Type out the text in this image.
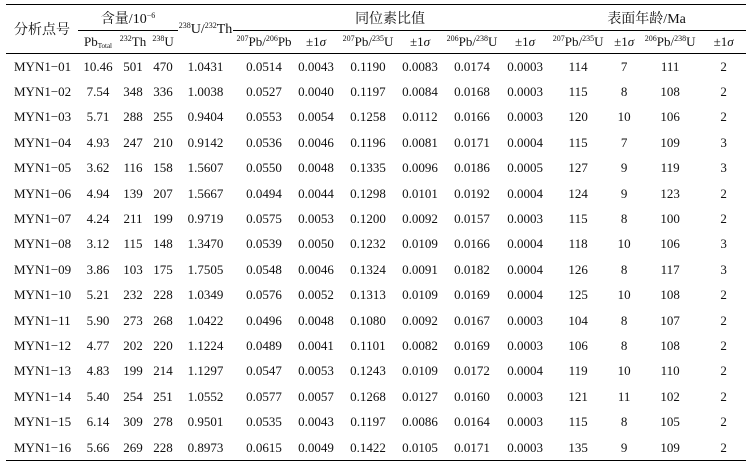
分析点号	含量$/10^{-6}$			$^{238}$U/$^{232}$Th	同位素比值						表面年龄/Ma			
	$Pb_{Total}$	$^{232}$Th	$^{238}$U		$^{207}$Pb/$^{206}$Pb	±1σ	$^{207}$Pb/$^{235}$U	±1σ	$^{206}$Pb/$^{238}$U	±1σ	$^{207}$Pb/$^{235}$U	±1σ	$^{206}$Pb/$^{238}$U	±1σ
MYN1−01	10.46	501	470	1.0431	0.0514	0.0043	0.1190	0.0083	0.0174	0.0003	114	7	111	2
MYN1−02	7.54	348	336	1.0038	0.0527	0.0040	0.1197	0.0084	0.0168	0.0003	115	8	108	2
MYN1−03	5.71	288	255	0.9404	0.0553	0.0054	0.1258	0.0112	0.0166	0.0003	120	10	106	2
MYN1−04	4.93	247	210	0.9142	0.0536	0.0046	0.1196	0.0081	0.0171	0.0004	115	7	109	3
MYN1−05	3.62	116	158	1.5607	0.0550	0.0048	0.1335	0.0096	0.0186	0.0005	127	9	119	3
MYN1−06	4.94	139	207	1.5667	0.0494	0.0044	0.1298	0.0101	0.0192	0.0004	124	9	123	2
MYN1−07	4.24	211	199	0.9719	0.0575	0.0053	0.1200	0.0092	0.0157	0.0003	115	8	100	2
MYN1−08	3.12	115	148	1.3470	0.0539	0.0050	0.1232	0.0109	0.0166	0.0004	118	10	106	3
MYN1−09	3.86	103	175	1.7505	0.0548	0.0046	0.1324	0.0091	0.0182	0.0004	126	8	117	3
MYN1−10	5.21	232	228	1.0349	0.0576	0.0052	0.1313	0.0109	0.0169	0.0004	125	10	108	2
MYN1−11	5.90	273	268	1.0422	0.0496	0.0048	0.1080	0.0092	0.0167	0.0003	104	8	107	2
MYN1−12	4.77	202	220	1.1224	0.0489	0.0041	0.1101	0.0082	0.0169	0.0003	106	8	108	2
MYN1−13	4.83	199	214	1.1297	0.0547	0.0053	0.1243	0.0109	0.0172	0.0004	119	10	110	2
MYN1−14	5.40	254	251	1.0552	0.0577	0.0057	0.1268	0.0127	0.0160	0.0003	121	11	102	2
MYN1−15	6.14	309	278	0.9501	0.0535	0.0043	0.1197	0.0086	0.0164	0.0003	115	8	105	2
MYN1−16	5.66	269	228	0.8973	0.0615	0.0049	0.1422	0.0105	0.0171	0.0003	135	9	109	2
